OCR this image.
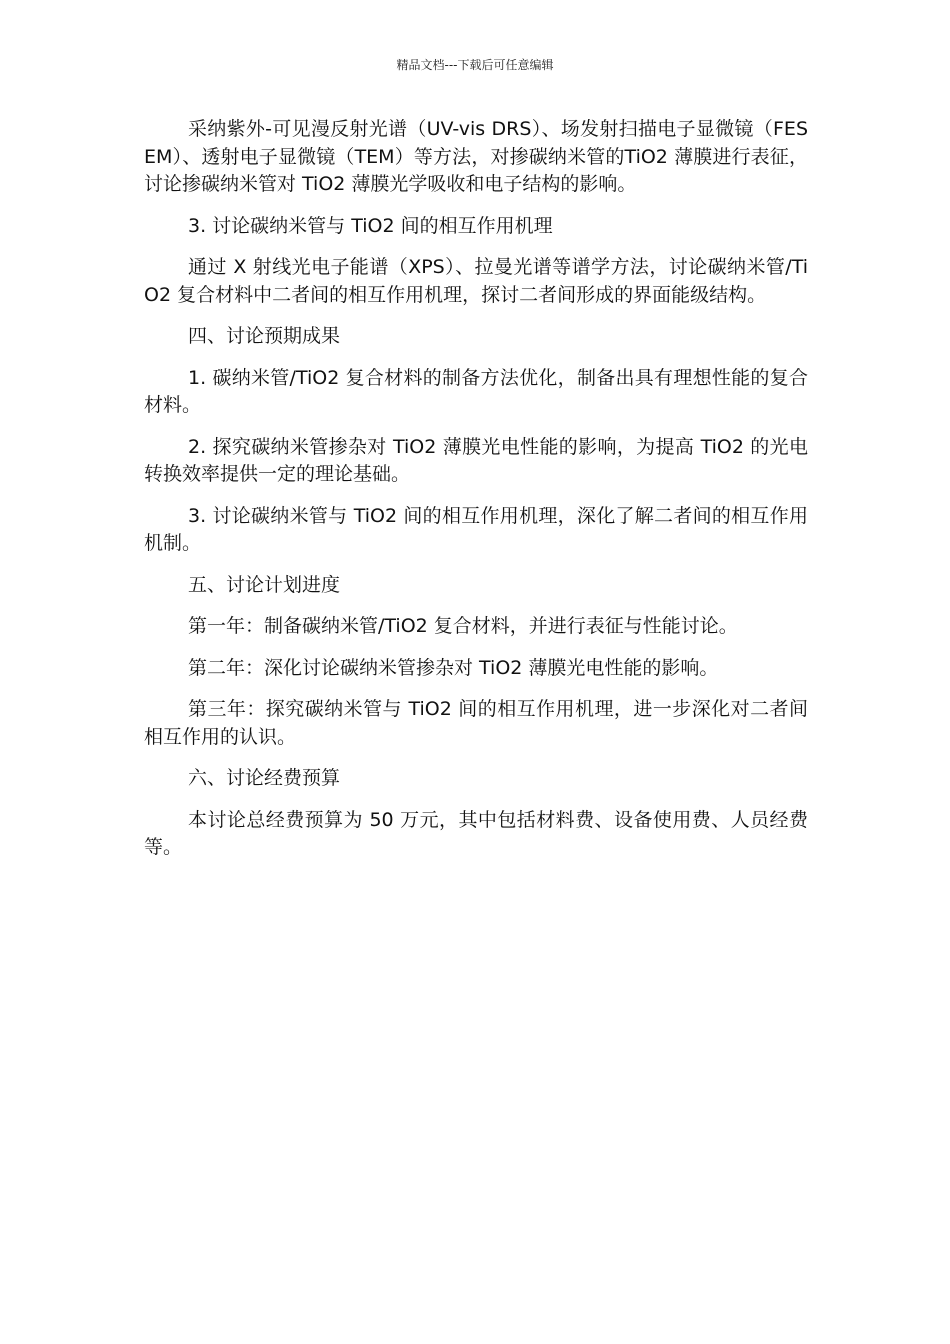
精品文档---下载后可任意编辑

采纳紫外-可见漫反射光谱（UV-vis DRS）、场发射扫描电子显微镜（FESEM）、透射电子显微镜（TEM）等方法，对掺碳纳米管的TiO2 薄膜进行表征，讨论掺碳纳米管对 TiO2 薄膜光学吸收和电子结构的影响。

3. 讨论碳纳米管与 TiO2 间的相互作用机理

通过 X 射线光电子能谱（XPS）、拉曼光谱等谱学方法，讨论碳纳米管/TiO2 复合材料中二者间的相互作用机理，探讨二者间形成的界面能级结构。

四、讨论预期成果

1. 碳纳米管/TiO2 复合材料的制备方法优化，制备出具有理想性能的复合材料。

2. 探究碳纳米管掺杂对 TiO2 薄膜光电性能的影响，为提高 TiO2 的光电转换效率提供一定的理论基础。

3. 讨论碳纳米管与 TiO2 间的相互作用机理，深化了解二者间的相互作用机制。

五、讨论计划进度

第一年：制备碳纳米管/TiO2 复合材料，并进行表征与性能讨论。

第二年：深化讨论碳纳米管掺杂对 TiO2 薄膜光电性能的影响。

第三年：探究碳纳米管与 TiO2 间的相互作用机理，进一步深化对二者间相互作用的认识。

六、讨论经费预算

本讨论总经费预算为 50 万元，其中包括材料费、设备使用费、人员经费等。
